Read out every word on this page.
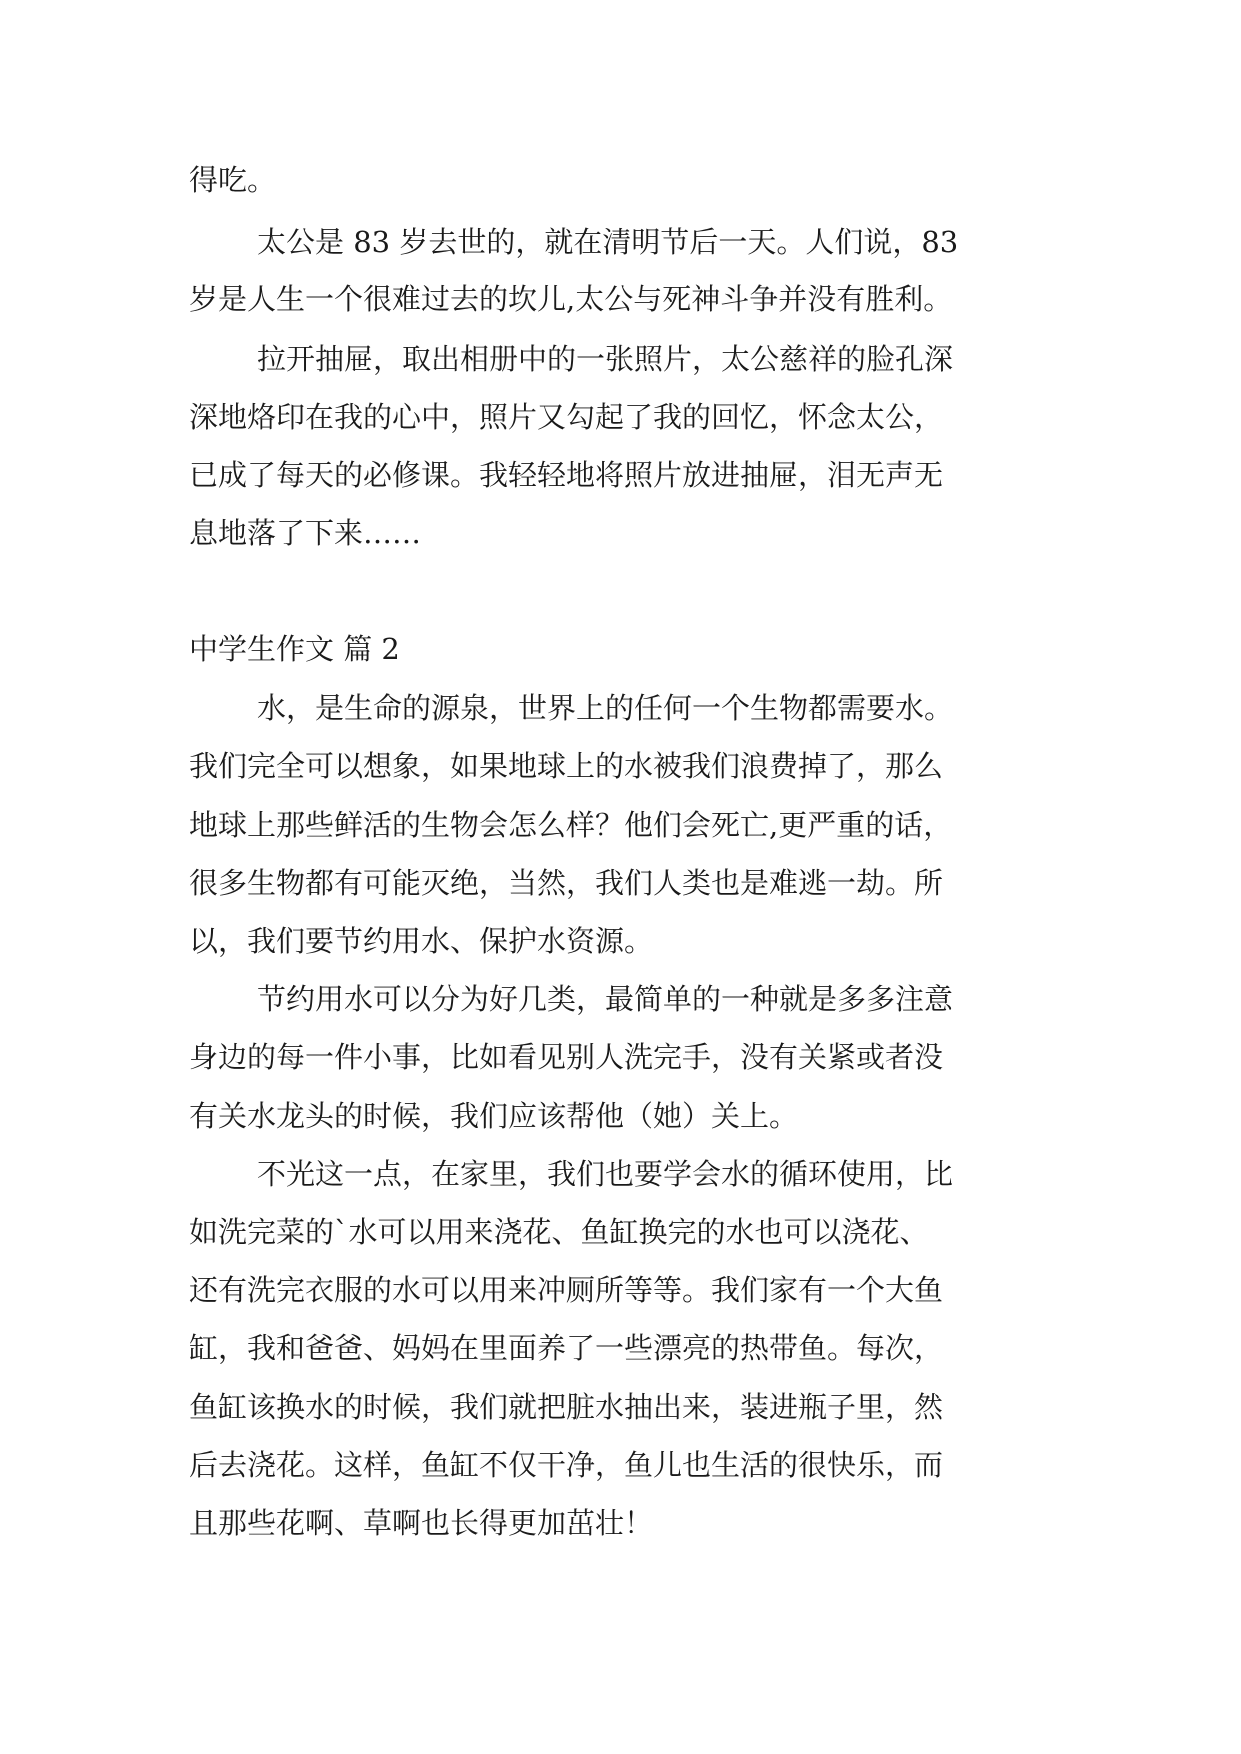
得吃。

太公是 83 岁去世的，就在清明节后一天。人们说，83

岁是人生一个很难过去的坎儿,太公与死神斗争并没有胜利。

拉开抽屉，取出相册中的一张照片，太公慈祥的脸孔深

深地烙印在我的心中，照片又勾起了我的回忆，怀念太公，

已成了每天的必修课。我轻轻地将照片放进抽屉，泪无声无

息地落了下来……

中学生作文 篇 2

水，是生命的源泉，世界上的任何一个生物都需要水。

我们完全可以想象，如果地球上的水被我们浪费掉了，那么

地球上那些鲜活的生物会怎么样？他们会死亡,更严重的话，

很多生物都有可能灭绝，当然，我们人类也是难逃一劫。所

以，我们要节约用水、保护水资源。

节约用水可以分为好几类，最简单的一种就是多多注意

身边的每一件小事，比如看见别人洗完手，没有关紧或者没

有关水龙头的时候，我们应该帮他（她）关上。

不光这一点，在家里，我们也要学会水的循环使用，比

如洗完菜的`水可以用来浇花、鱼缸换完的水也可以浇花、

还有洗完衣服的水可以用来冲厕所等等。我们家有一个大鱼

缸，我和爸爸、妈妈在里面养了一些漂亮的热带鱼。每次，

鱼缸该换水的时候，我们就把脏水抽出来，装进瓶子里，然

后去浇花。这样，鱼缸不仅干净，鱼儿也生活的很快乐，而

且那些花啊、草啊也长得更加茁壮！
